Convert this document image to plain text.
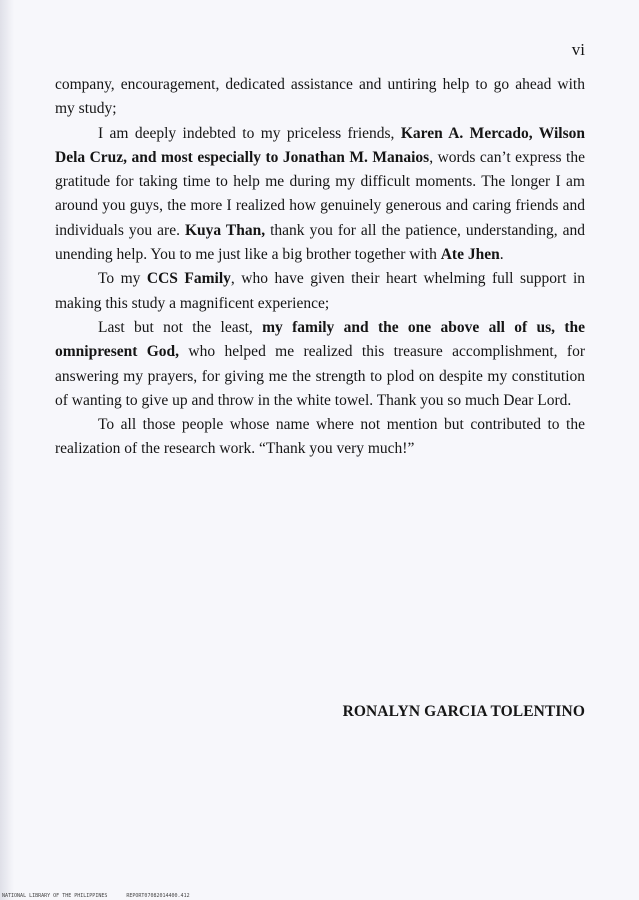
vi

company, encouragement, dedicated assistance and untiring help to go ahead with my study;

I am deeply indebted to my priceless friends, Karen A. Mercado, Wilson Dela Cruz, and most especially to Jonathan M. Manaios, words can’t express the gratitude for taking time to help me during my difficult moments. The longer I am around you guys, the more I realized how genuinely generous and caring friends and individuals you are. Kuya Than, thank you for all the patience, understanding, and unending help. You to me just like a big brother together with Ate Jhen.

To my CCS Family, who have given their heart whelming full support in making this study a magnificent experience;

Last but not the least, my family and the one above all of us, the omnipresent God, who helped me realized this treasure accomplishment, for answering my prayers, for giving me the strength to plod on despite my constitution of wanting to give up and throw in the white towel. Thank you so much Dear Lord.

To all those people whose name where not mention but contributed to the realization of the research work. “Thank you very much!”

RONALYN GARCIA TOLENTINO
NATIONAL LIBRARY OF THE PHILIPPINES	REPORT07082014400.412
